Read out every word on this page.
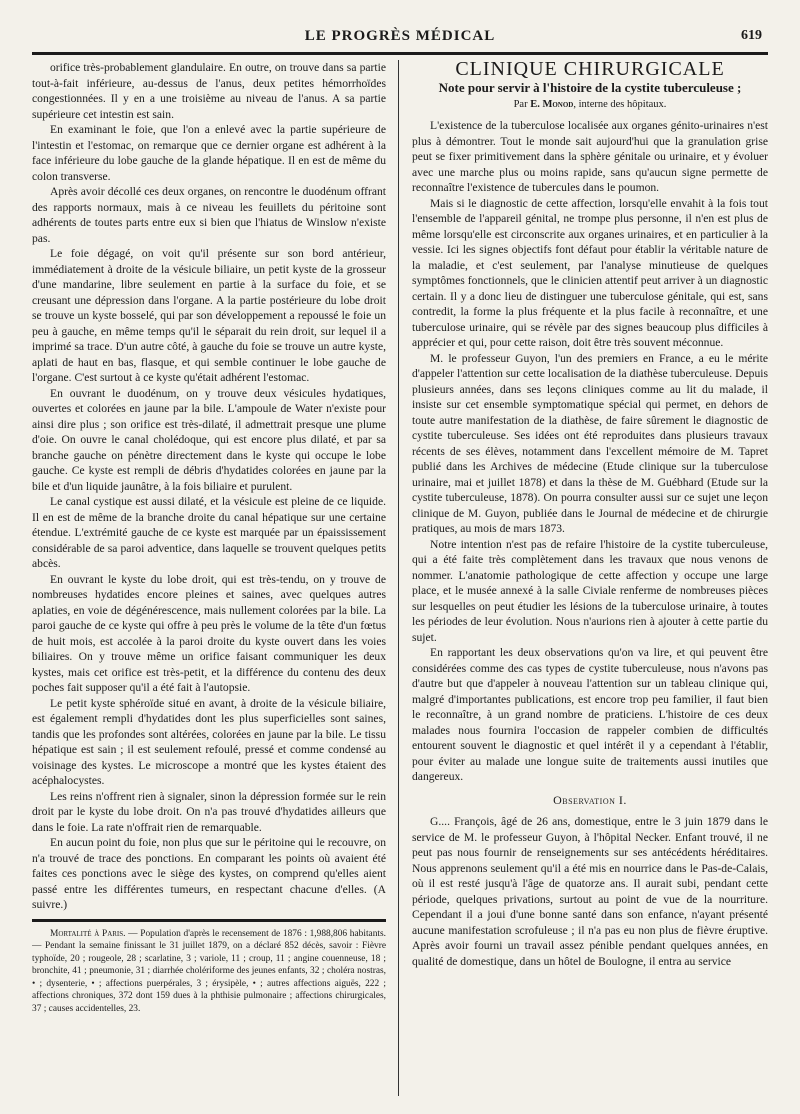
LE PROGRÈS MÉDICAL	619

orifice très-probablement glandulaire. En outre, on trouve dans sa partie tout-à-fait inférieure, au-dessus de l'anus, deux petites hémorrhoïdes congestionnées. Il y en a une troisième au niveau de l'anus. A sa partie supérieure cet intestin est sain.

En examinant le foie, que l'on a enlevé avec la partie supérieure de l'intestin et l'estomac, on remarque que ce dernier organe est adhérent à la face inférieure du lobe gauche de la glande hépatique. Il en est de même du colon transverse.

Après avoir décollé ces deux organes, on rencontre le duodénum offrant des rapports normaux, mais à ce niveau les feuillets du péritoine sont adhérents de toutes parts entre eux si bien que l'hiatus de Winslow n'existe pas.

Le foie dégagé, on voit qu'il présente sur son bord antérieur, immédiatement à droite de la vésicule biliaire, un petit kyste de la grosseur d'une mandarine, libre seulement en partie à la surface du foie, et se creusant une dépression dans l'organe. A la partie postérieure du lobe droit se trouve un kyste bosselé, qui par son développement a repoussé le foie un peu à gauche, en même temps qu'il le séparait du rein droit, sur lequel il a imprimé sa trace. D'un autre côté, à gauche du foie se trouve un autre kyste, aplati de haut en bas, flasque, et qui semble continuer le lobe gauche de l'organe. C'est surtout à ce kyste qu'était adhérent l'estomac.

En ouvrant le duodénum, on y trouve deux vésicules hydatiques, ouvertes et colorées en jaune par la bile. L'ampoule de Water n'existe pour ainsi dire plus ; son orifice est très-dilaté, il admettrait presque une plume d'oie. On ouvre le canal cholédoque, qui est encore plus dilaté, et par sa branche gauche on pénètre directement dans le kyste qui occupe le lobe gauche. Ce kyste est rempli de débris d'hydatides colorées en jaune par la bile et d'un liquide jaunâtre, à la fois biliaire et purulent.

Le canal cystique est aussi dilaté, et la vésicule est pleine de ce liquide. Il en est de même de la branche droite du canal hépatique sur une certaine étendue. L'extrémité gauche de ce kyste est marquée par un épaississement considérable de sa paroi adventice, dans laquelle se trouvent quelques petits abcès.

En ouvrant le kyste du lobe droit, qui est très-tendu, on y trouve de nombreuses hydatides encore pleines et saines, avec quelques autres aplaties, en voie de dégénérescence, mais nullement colorées par la bile. La paroi gauche de ce kyste qui offre à peu près le volume de la tête d'un fœtus de huit mois, est accolée à la paroi droite du kyste ouvert dans les voies biliaires. On y trouve même un orifice faisant communiquer les deux kystes, mais cet orifice est très-petit, et la différence du contenu des deux poches fait supposer qu'il a été fait à l'autopsie.

Le petit kyste sphéroïde situé en avant, à droite de la vésicule biliaire, est également rempli d'hydatides dont les plus superficielles sont saines, tandis que les profondes sont altérées, colorées en jaune par la bile. Le tissu hépatique est sain ; il est seulement refoulé, pressé et comme condensé au voisinage des kystes. Le microscope a montré que les kystes étaient des acéphalocystes.

Les reins n'offrent rien à signaler, sinon la dépression formée sur le rein droit par le kyste du lobe droit. On n'a pas trouvé d'hydatides ailleurs que dans le foie. La rate n'offrait rien de remarquable.

En aucun point du foie, non plus que sur le péritoine qui le recouvre, on n'a trouvé de trace des ponctions. En comparant les points où avaient été faites ces ponctions avec le siège des kystes, on comprend qu'elles aient passé entre les différentes tumeurs, en respectant chacune d'elles. (A suivre.)

Mortalité à Paris. — Population d'après le recensement de 1876 : 1,988,806 habitants. — Pendant la semaine finissant le 31 juillet 1879, on a déclaré 852 décès, savoir : Fièvre typhoïde, 20 ; rougeole, 28 ; scarlatine, 3 ; variole, 11 ; croup, 11 ; angine couenneuse, 18 ; bronchite, 41 ; pneumonie, 31 ; diarrhée cholériforme des jeunes enfants, 32 ; choléra nostras, • ; dysenterie, • ; affections puerpérales, 3 ; érysipèle, • ; autres affections aiguës, 222 ; affections chroniques, 372 dont 159 dues à la phthisie pulmonaire ; affections chirurgicales, 37 ; causes accidentelles, 23.

CLINIQUE CHIRURGICALE
Note pour servir à l'histoire de la cystite tuberculeuse ;
Par E. Monod, interne des hôpitaux.

L'existence de la tuberculose localisée aux organes génito-urinaires n'est plus à démontrer. Tout le monde sait aujourd'hui que la granulation grise peut se fixer primitivement dans la sphère génitale ou urinaire, et y évoluer avec une marche plus ou moins rapide, sans qu'aucun signe permette de reconnaître l'existence de tubercules dans le poumon.

Mais si le diagnostic de cette affection, lorsqu'elle envahit à la fois tout l'ensemble de l'appareil génital, ne trompe plus personne, il n'en est plus de même lorsqu'elle est circonscrite aux organes urinaires, et en particulier à la vessie. Ici les signes objectifs font défaut pour établir la véritable nature de la maladie, et c'est seulement, par l'analyse minutieuse de quelques symptômes fonctionnels, que le clinicien attentif peut arriver à un diagnostic certain. Il y a donc lieu de distinguer une tuberculose génitale, qui est, sans contredit, la forme la plus fréquente et la plus facile à reconnaître, et une tuberculose urinaire, qui se révèle par des signes beaucoup plus difficiles à apprécier et qui, pour cette raison, doit être très souvent méconnue.

M. le professeur Guyon, l'un des premiers en France, a eu le mérite d'appeler l'attention sur cette localisation de la diathèse tuberculeuse. Depuis plusieurs années, dans ses leçons cliniques comme au lit du malade, il insiste sur cet ensemble symptomatique spécial qui permet, en dehors de toute autre manifestation de la diathèse, de faire sûrement le diagnostic de cystite tuberculeuse. Ses idées ont été reproduites dans plusieurs travaux récents de ses élèves, notamment dans l'excellent mémoire de M. Tapret publié dans les Archives de médecine (Etude clinique sur la tuberculose urinaire, mai et juillet 1878) et dans la thèse de M. Guébhard (Etude sur la cystite tuberculeuse, 1878). On pourra consulter aussi sur ce sujet une leçon clinique de M. Guyon, publiée dans le Journal de médecine et de chirurgie pratiques, au mois de mars 1873.

Notre intention n'est pas de refaire l'histoire de la cystite tuberculeuse, qui a été faite très complètement dans les travaux que nous venons de nommer. L'anatomie pathologique de cette affection y occupe une large place, et le musée annexé à la salle Civiale renferme de nombreuses pièces sur lesquelles on peut étudier les lésions de la tuberculose urinaire, à toutes les périodes de leur évolution. Nous n'aurions rien à ajouter à cette partie du sujet.

En rapportant les deux observations qu'on va lire, et qui peuvent être considérées comme des cas types de cystite tuberculeuse, nous n'avons pas d'autre but que d'appeler à nouveau l'attention sur un tableau clinique qui, malgré d'importantes publications, est encore trop peu familier, il faut bien le reconnaître, à un grand nombre de praticiens. L'histoire de ces deux malades nous fournira l'occasion de rappeler combien de difficultés entourent souvent le diagnostic et quel intérêt il y a cependant à l'établir, pour éviter au malade une longue suite de traitements aussi inutiles que dangereux.

Observation I.

G.... François, âgé de 26 ans, domestique, entre le 3 juin 1879 dans le service de M. le professeur Guyon, à l'hôpital Necker. Enfant trouvé, il ne peut pas nous fournir de renseignements sur ses antécédents héréditaires. Nous apprenons seulement qu'il a été mis en nourrice dans le Pas-de-Calais, où il est resté jusqu'à l'âge de quatorze ans. Il aurait subi, pendant cette période, quelques privations, surtout au point de vue de la nourriture. Cependant il a joui d'une bonne santé dans son enfance, n'ayant présenté aucune manifestation scrofuleuse ; il n'a pas eu non plus de fièvre éruptive. Après avoir fourni un travail assez pénible pendant quelques années, en qualité de domestique, dans un hôtel de Boulogne, il entra au service
